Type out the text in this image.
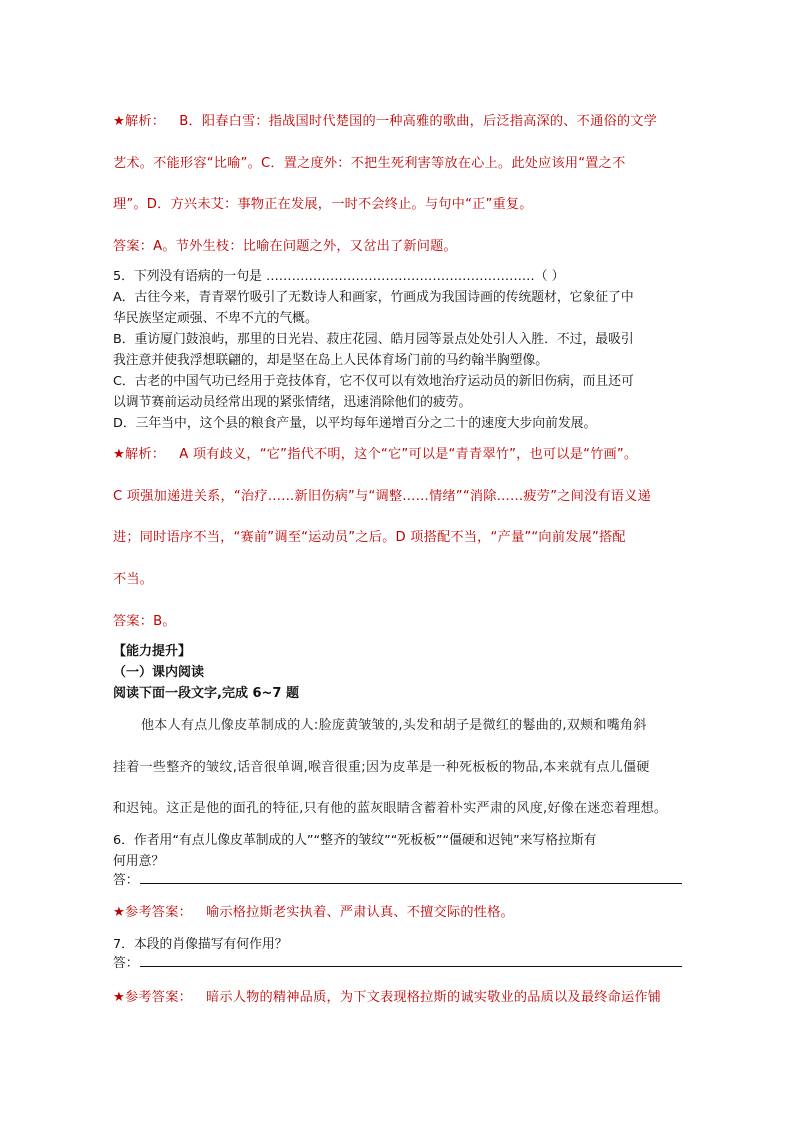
★解析： B．阳春白雪：指战国时代楚国的一种高雅的歌曲，后泛指高深的、不通俗的文学
艺术。不能形容“比喻”。C．置之度外：不把生死利害等放在心上。此处应该用“置之不
理”。D．方兴未艾：事物正在发展，一时不会终止。与句中“正”重复。
答案：A。节外生枝：比喻在问题之外，又岔出了新问题。
5．下列没有语病的一句是 ………………………………………………………（ ）
A．古往今来，青青翠竹吸引了无数诗人和画家，竹画成为我国诗画的传统题材，它象征了中
华民族坚定顽强、不卑不亢的气概。
B．重访厦门鼓浪屿，那里的日光岩、菽庄花园、皓月园等景点处处引人入胜．不过，最吸引
我注意并使我浮想联翩的，却是坚在岛上人民体育场门前的马约翰半胸塑像。
C．古老的中国气功已经用于竞技体育，它不仅可以有效地治疗运动员的新旧伤病，而且还可
以调节赛前运动员经常出现的紧张情绪，迅速消除他们的疲劳。
D．三年当中，这个县的粮食产量，以平均每年递增百分之二十的速度大步向前发展。
★解析： A 项有歧义，“它”指代不明，这个“它”可以是“青青翠竹”，也可以是“竹画”。
C 项强加递进关系，“治疗……新旧伤病”与“调整……情绪”“消除……疲劳”之间没有语义递
进；同时语序不当，“赛前”调至“运动员”之后。D 项搭配不当，“产量”“向前发展”搭配
不当。
答案：B。
【能力提升】
（一）课内阅读
阅读下面一段文字,完成 6~7 题
他本人有点儿像皮革制成的人:脸庞黄皱皱的,头发和胡子是微红的鬈曲的,双颊和嘴角斜
挂着一些整齐的皱纹,话音很单调,喉音很重;因为皮革是一种死板板的物品,本来就有点儿僵硬
和迟钝。这正是他的面孔的特征,只有他的蓝灰眼睛含蓄着朴实严肃的风度,好像在迷恋着理想。
6．作者用“有点儿像皮革制成的人”“整齐的皱纹”“死板板”“僵硬和迟钝”来写格拉斯有
何用意？
答：
★参考答案： 喻示格拉斯老实执着、严肃认真、不擅交际的性格。
7．本段的肖像描写有何作用？
答：
★参考答案： 暗示人物的精神品质，为下文表现格拉斯的诚实敬业的品质以及最终命运作铺
